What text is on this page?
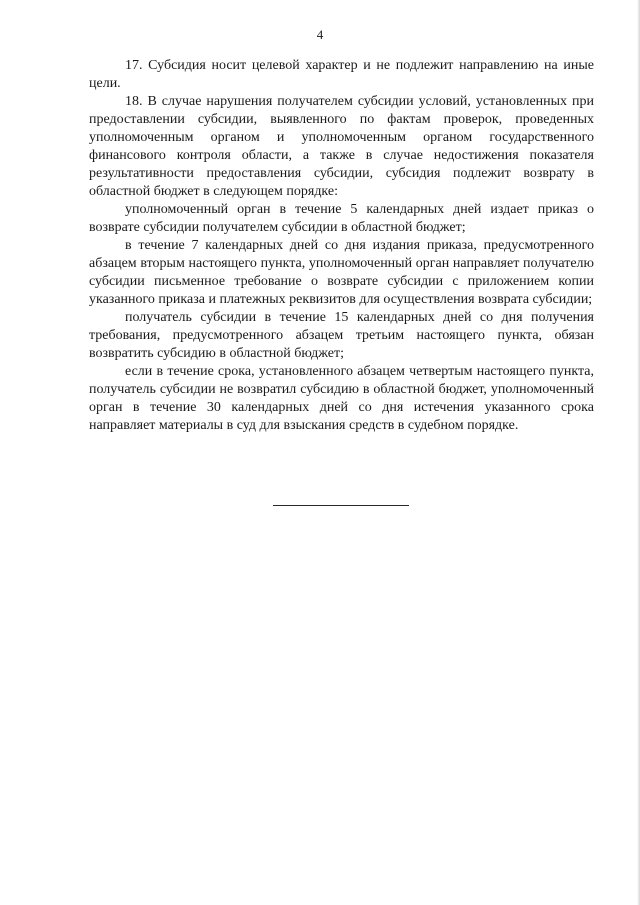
4

17. Субсидия носит целевой характер и не подлежит направлению на иные цели.

18. В случае нарушения получателем субсидии условий, установленных при предоставлении субсидии, выявленного по фактам проверок, проведенных уполномоченным органом и уполномоченным органом государственного финансового контроля области, а также в случае недостижения показателя результативности предоставления субсидии, субсидия подлежит возврату в областной бюджет в следующем порядке:

уполномоченный орган в течение 5 календарных дней издает приказ о возврате субсидии получателем субсидии в областной бюджет;

в течение 7 календарных дней со дня издания приказа, предусмотренного абзацем вторым настоящего пункта, уполномоченный орган направляет получателю субсидии письменное требование о возврате субсидии с приложением копии указанного приказа и платежных реквизитов для осуществления возврата субсидии;

получатель субсидии в течение 15 календарных дней со дня получения требования, предусмотренного абзацем третьим настоящего пункта, обязан возвратить субсидию в областной бюджет;

если в течение срока, установленного абзацем четвертым настоящего пункта, получатель субсидии не возвратил субсидию в областной бюджет, уполномоченный орган в течение 30 календарных дней со дня истечения указанного срока направляет материалы в суд для взыскания средств в судебном порядке.
